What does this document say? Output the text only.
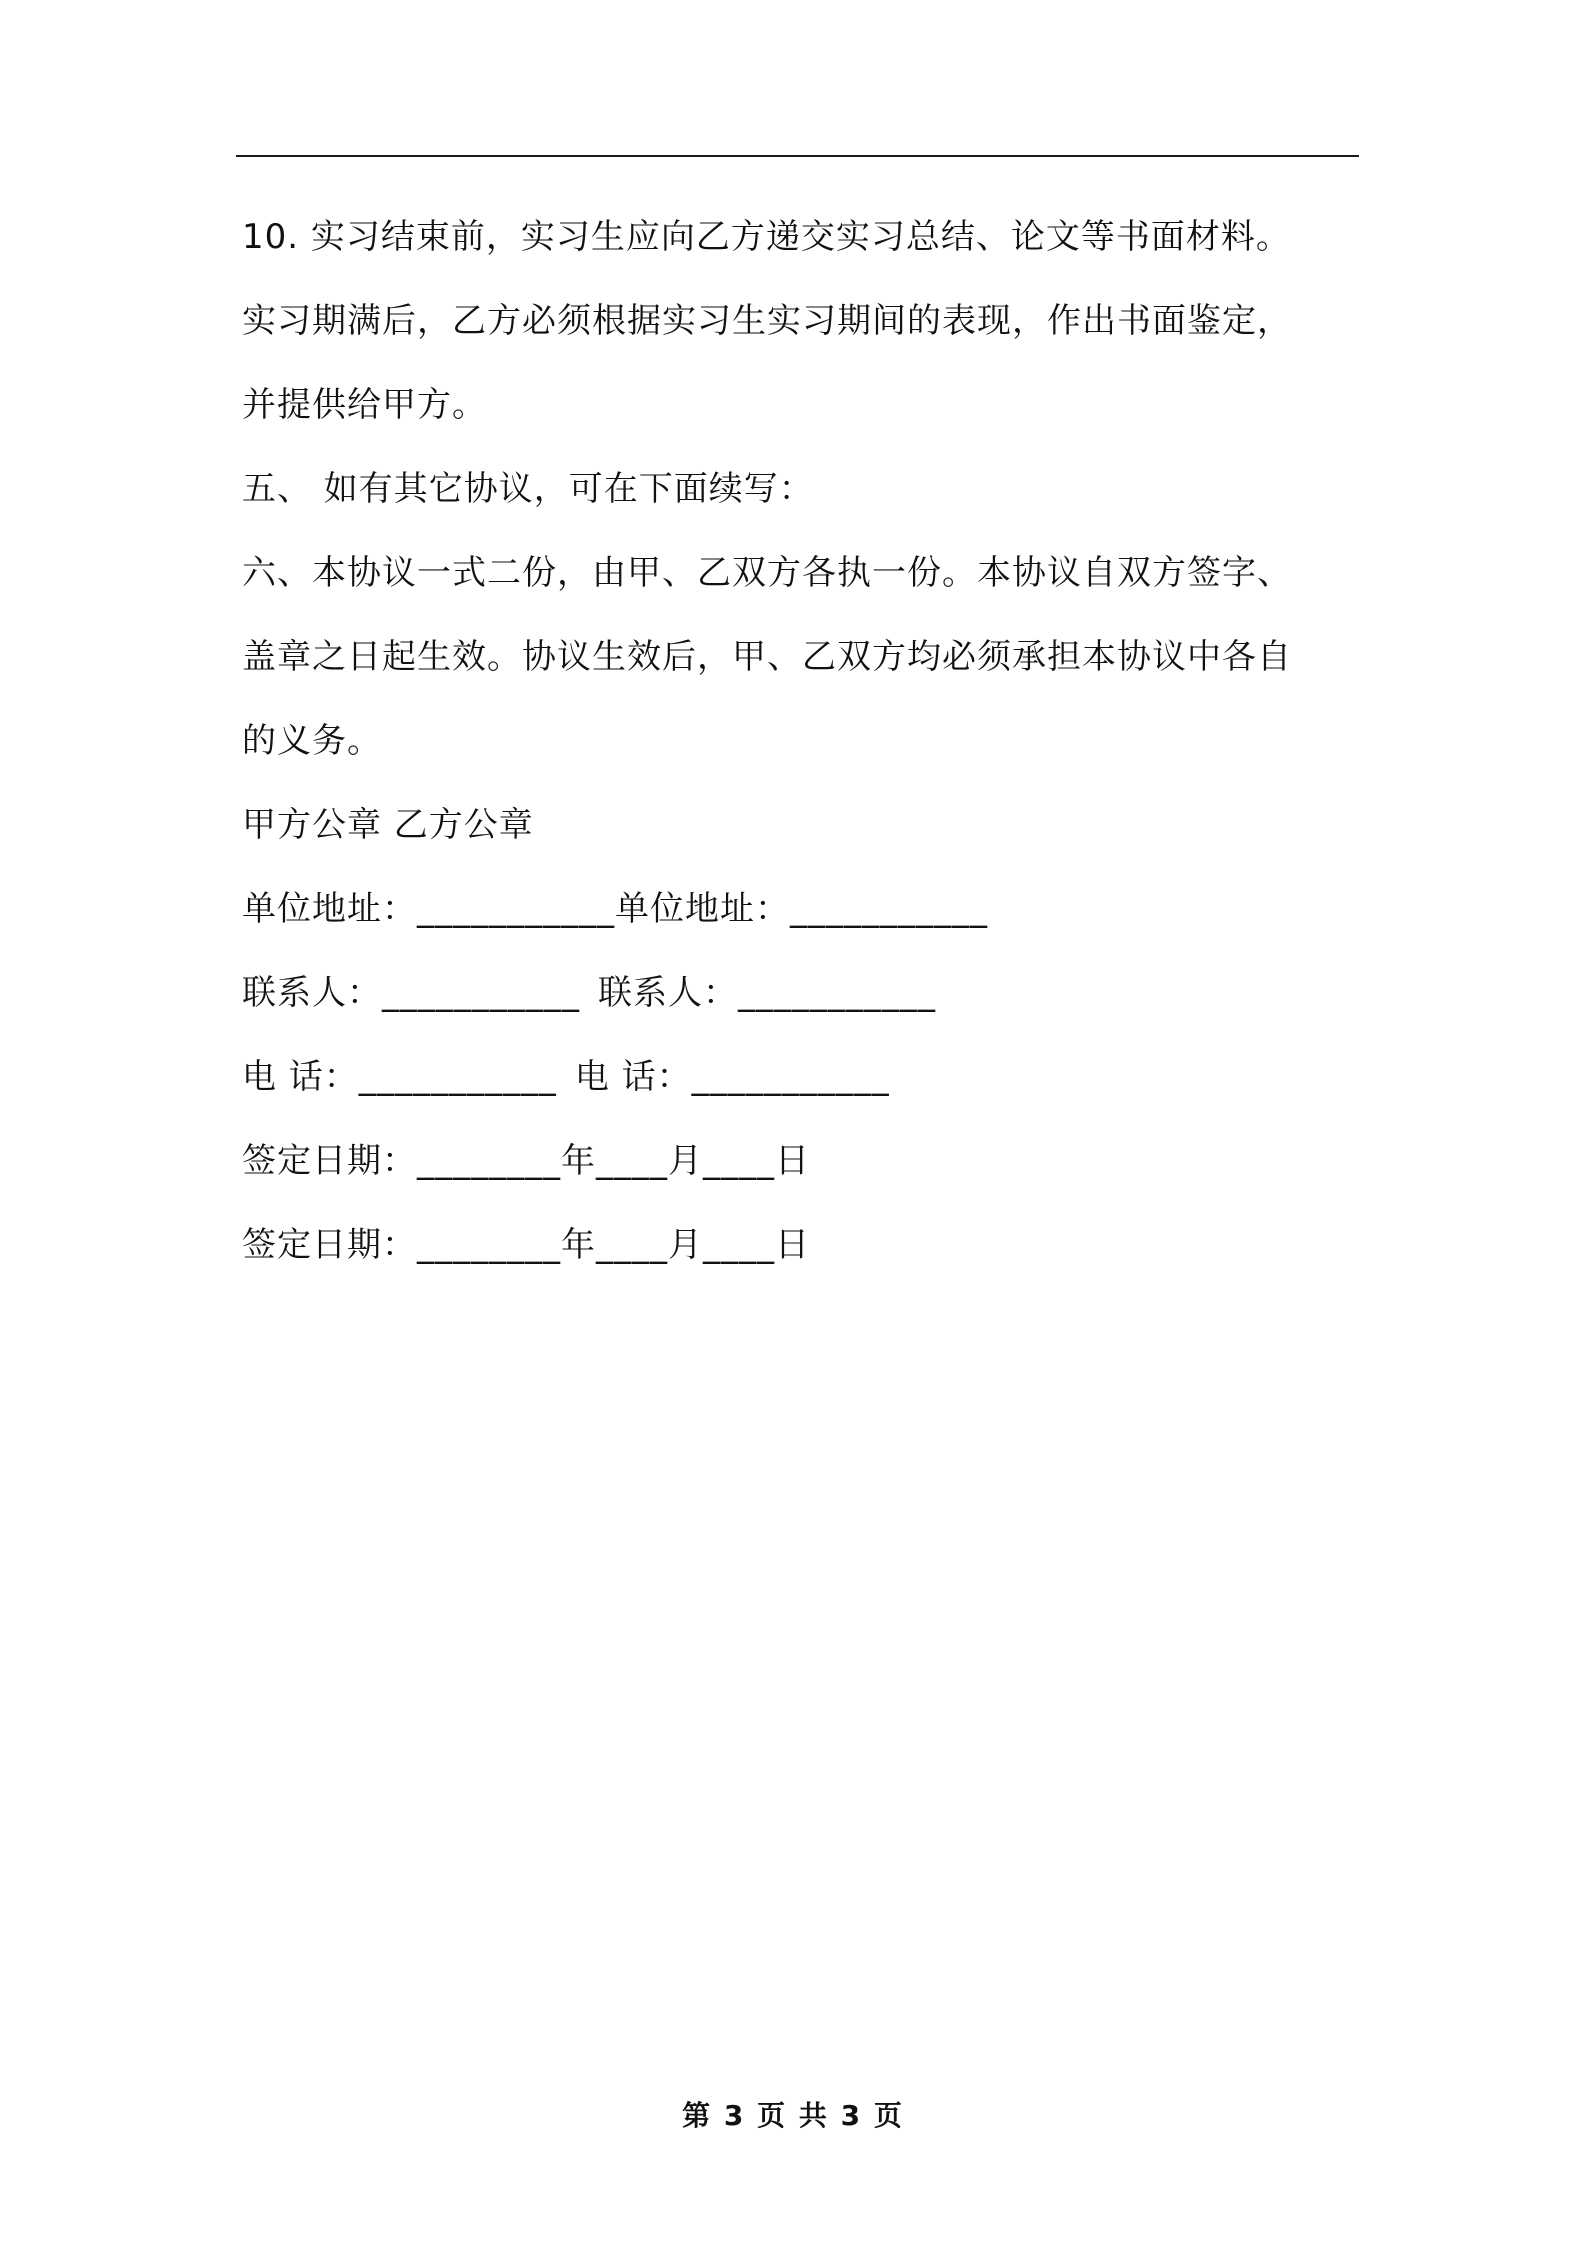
10. 实习结束前，实习生应向乙方递交实习总结、论文等书面材料。
实习期满后，乙方必须根据实习生实习期间的表现，作出书面鉴定，
并提供给甲方。
五、 如有其它协议，可在下面续写：
六、本协议一式二份，由甲、乙双方各执一份。本协议自双方签字、
盖章之日起生效。协议生效后，甲、乙双方均必须承担本协议中各自
的义务。
甲方公章 乙方公章
单位地址：___________单位地址：___________
联系人：___________ 联系人：___________
电 话：___________ 电 话：___________
签定日期：________年____月____日
签定日期：________年____月____日
第 3 页 共 3 页
